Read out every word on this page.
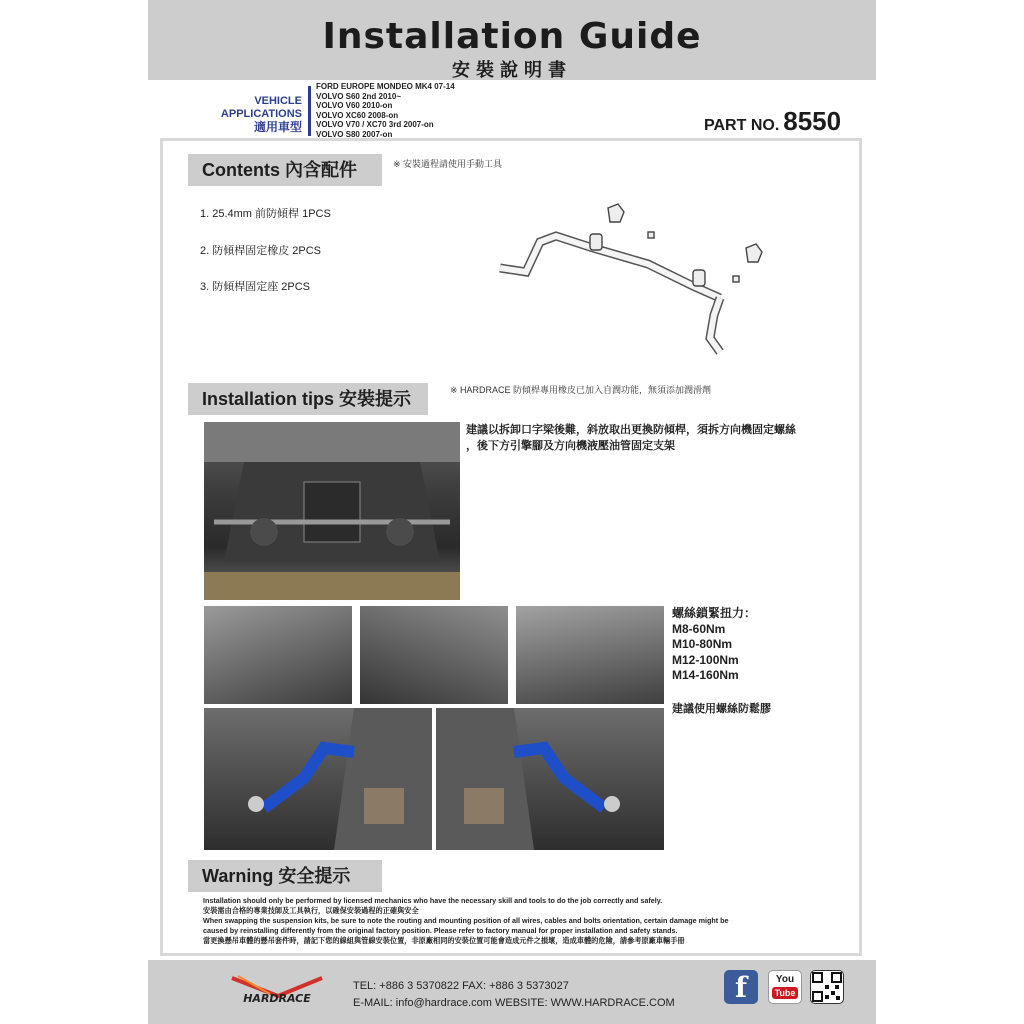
Installation Guide
安裝說明書
VEHICLE APPLICATIONS
適用車型
FORD EUROPE MONDEO MK4 07-14
VOLVO S60 2nd 2010~
VOLVO V60 2010-on
VOLVO XC60 2008-on
VOLVO V70 / XC70 3rd 2007-on
VOLVO S80 2007-on
PART NO. 8550
Contents 內含配件	※ 安裝過程請使用手動工具
1. 25.4mm 前防傾桿 1PCS
2. 防傾桿固定橡皮 2PCS
3. 防傾桿固定座 2PCS
Installation tips 安裝提示	※ HARDRACE 防傾桿專用橡皮已加入自潤功能，無須添加潤滑劑
建議以拆卸口字梁後難，斜放取出更換防傾桿，須拆方向機固定螺絲
，後下方引擎腳及方向機液壓油管固定支架
螺絲鎖緊扭力：
M8-60Nm
M10-80Nm
M12-100Nm
M14-160Nm
建議使用螺絲防鬆膠
Warning 安全提示
Installation should only be performed by licensed mechanics who have the necessary skill and tools to do the job correctly and safely.
安裝需由合格的專業技師及工具執行，以確保安裝過程的正確與安全
When swapping the suspension kits, be sure to note the routing and mounting position of all wires, cables and bolts orientation, certain damage might be
caused by reinstalling differently from the original factory position. Please refer to factory manual for proper installation and safety stands.
當更換懸吊車體的懸吊套件時，請記下您的線組與管線安裝位置，非原廠相同的安裝位置可能會造成元件之損壞，造成車體的危險，請參考原廠車輛手冊
HARDRACE
TEL: +886 3 5370822 FAX: +886 3 5373027
E-MAIL: info@hardrace.com WEBSITE: WWW.HARDRACE.COM	f	You
Tube
